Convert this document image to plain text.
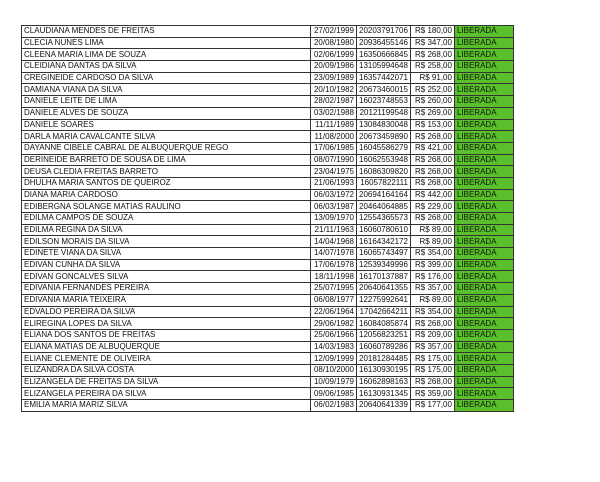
CLAUDIANA MENDES DE FREITAS	27/02/1999	20203791706	R$ 180,00	LIBERADA
CLECIA NUNES LIMA	20/08/1980	20936455146	R$ 347,00	LIBERADA
CLEENA MARIA LIMA DE SOUZA	02/06/1999	16350666845	R$ 268,00	LIBERADA
CLEIDIANA DANTAS DA SILVA	20/09/1986	13105994648	R$ 258,00	LIBERADA
CREGINEIDE CARDOSO DA SILVA	23/09/1989	16357442071	R$ 91,00	LIBERADA
DAMIANA VIANA DA SILVA	20/10/1982	20673460015	R$ 252,00	LIBERADA
DANIELE LEITE DE LIMA	28/02/1987	16023748553	R$ 260,00	LIBERADA
DANIELE ALVES DE SOUZA	03/02/1988	20121199548	R$ 269,00	LIBERADA
DANIELE SOARES	11/11/1989	13084830048	R$ 153,00	LIBERADA
DARLA MARIA CAVALCANTE SILVA	11/08/2000	20673459890	R$ 268,00	LIBERADA
DAYANNE CIBELE CABRAL DE ALBUQUERQUE REGO	17/06/1985	16045586279	R$ 421,00	LIBERADA
DERINEIDE BARRETO DE SOUSA DE LIMA	08/07/1990	16062553948	R$ 268,00	LIBERADA
DEUSA CLEDIA FREITAS BARRETO	23/04/1975	16086309820	R$ 268,00	LIBERADA
DHULHA MARIA SANTOS DE QUEIROZ	21/06/1993	16057822111	R$ 268,00	LIBERADA
DIANA MARIA CARDOSO	06/03/1972	20694164164	R$ 442,00	LIBERADA
EDIBERGNA SOLANGE MATIAS RAULINO	06/03/1987	20464064885	R$ 229,00	LIBERADA
EDILMA CAMPOS DE SOUZA	13/09/1970	12554365573	R$ 268,00	LIBERADA
EDILMA REGINA DA SILVA	21/11/1963	16060780610	R$ 89,00	LIBERADA
EDILSON MORAIS DA SILVA	14/04/1968	16164342172	R$ 89,00	LIBERADA
EDINETE VIANA DA SILVA	14/07/1978	16065743497	R$ 354,00	LIBERADA
EDIVAN CUNHA DA SILVA	17/06/1978	12539349996	R$ 399,00	LIBERADA
EDIVAN GONCALVES SILVA	18/11/1998	16170137887	R$ 176,00	LIBERADA
EDIVANIA FERNANDES PEREIRA	25/07/1995	20640641355	R$ 357,00	LIBERADA
EDIVANIA MARIA TEIXEIRA	06/08/1977	12275992641	R$ 89,00	LIBERADA
EDVALDO PEREIRA DA SILVA	22/06/1964	17042664211	R$ 354,00	LIBERADA
ELIREGINA LOPES DA SILVA	29/06/1982	16084085874	R$ 268,00	LIBERADA
ELIANA DOS SANTOS DE FREITAS	25/06/1966	12056823251	R$ 209,00	LIBERADA
ELIANA MATIAS DE ALBUQUERQUE	14/03/1983	16060789286	R$ 357,00	LIBERADA
ELIANE CLEMENTE DE OLIVEIRA	12/09/1999	20181284485	R$ 175,00	LIBERADA
ELIZANDRA DA SILVA COSTA	08/10/2000	16130930195	R$ 175,00	LIBERADA
ELIZANGELA DE FREITAS DA SILVA	10/09/1979	16062898163	R$ 268,00	LIBERADA
ELIZANGELA PEREIRA DA SILVA	09/06/1985	16130931345	R$ 359,00	LIBERADA
EMILIA MARIA MARIZ SILVA	06/02/1983	20640641339	R$ 177,00	LIBERADA
